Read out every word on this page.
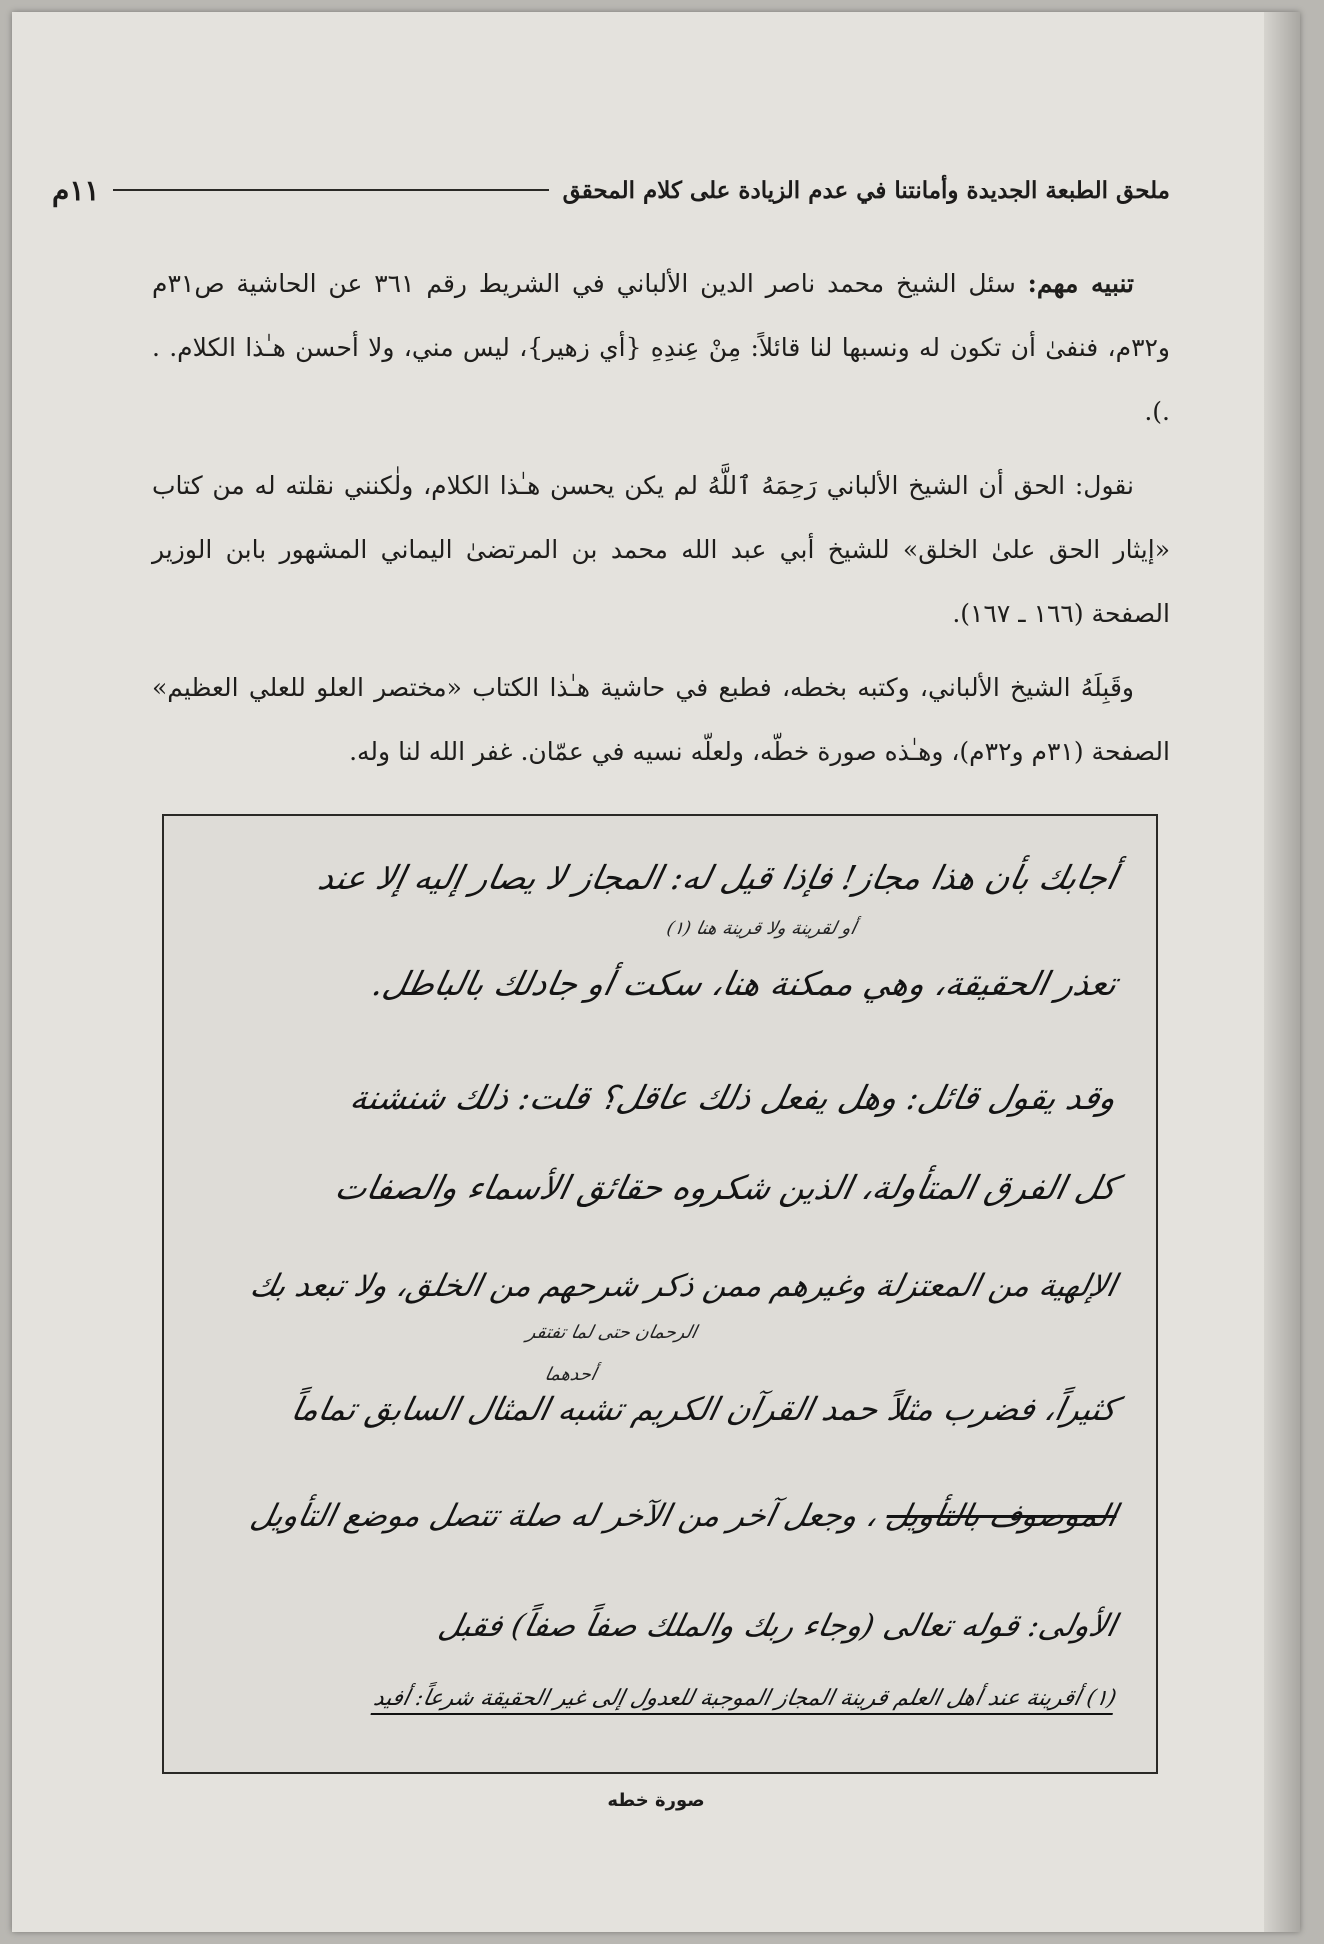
ملحق الطبعة الجديدة وأمانتنا في عدم الزيادة على كلام المحقق
١١م

تنبيه مهم: سئل الشيخ محمد ناصر الدين الألباني في الشريط رقم ٣٦١ عن الحاشية ص٣١م و٣٢م، فنفىٰ أن تكون له ونسبها لنا قائلاً: مِنْ عِندِهِ {أي زهير}، ليس مني، ولا أحسن هـٰذا الكلام. . .).

نقول: الحق أن الشيخ الألباني رَحِمَهُ ٱللَّهُ لم يكن يحسن هـٰذا الكلام، ولٰكنني نقلته له من كتاب «إيثار الحق علىٰ الخلق» للشيخ أبي عبد الله محمد بن المرتضىٰ اليماني المشهور بابن الوزير الصفحة (١٦٦ ـ ١٦٧).

وقَبِلَهُ الشيخ الألباني، وكتبه بخطه، فطبع في حاشية هـٰذا الكتاب «مختصر العلو للعلي العظيم» الصفحة (٣١م و٣٢م)، وهـٰذه صورة خطّه، ولعلّه نسيه في عمّان. غفر الله لنا وله.

أجابك بأن هذا مجاز! فإذا قيل له: المجاز لا يصار إليه إلا عند
أو لقرينة ولا قرينة هنا (١)
تعذر الحقيقة، وهي ممكنة هنا، سكت أو جادلك بالباطل.
وقد يقول قائل: وهل يفعل ذلك عاقل؟ قلت: ذلك شنشنة
كل الفرق المتأولة، الذين شكروه حقائق الأسماء والصفات
الإلهية من المعتزلة وغيرهم ممن ذكر شرحهم من الخلق، ولا تبعد بك
الرحمان حتى لما تفتقر
أحدهما
كثيراً، فضرب مثلاً حمد القرآن الكريم تشبه المثال السابق تماماً
الموصوف بالتأويل ، وجعل آخر من الآخر له صلة تتصل موضع التأويل
الأولى: قوله تعالى (وجاء ربك والملك صفاً صفاً) فقبل
(١) أقرينة عند أهل العلم قرينة المجاز الموجبة للعدول إلى غير الحقيقة شرعاً: أفيد
صورة خطه
